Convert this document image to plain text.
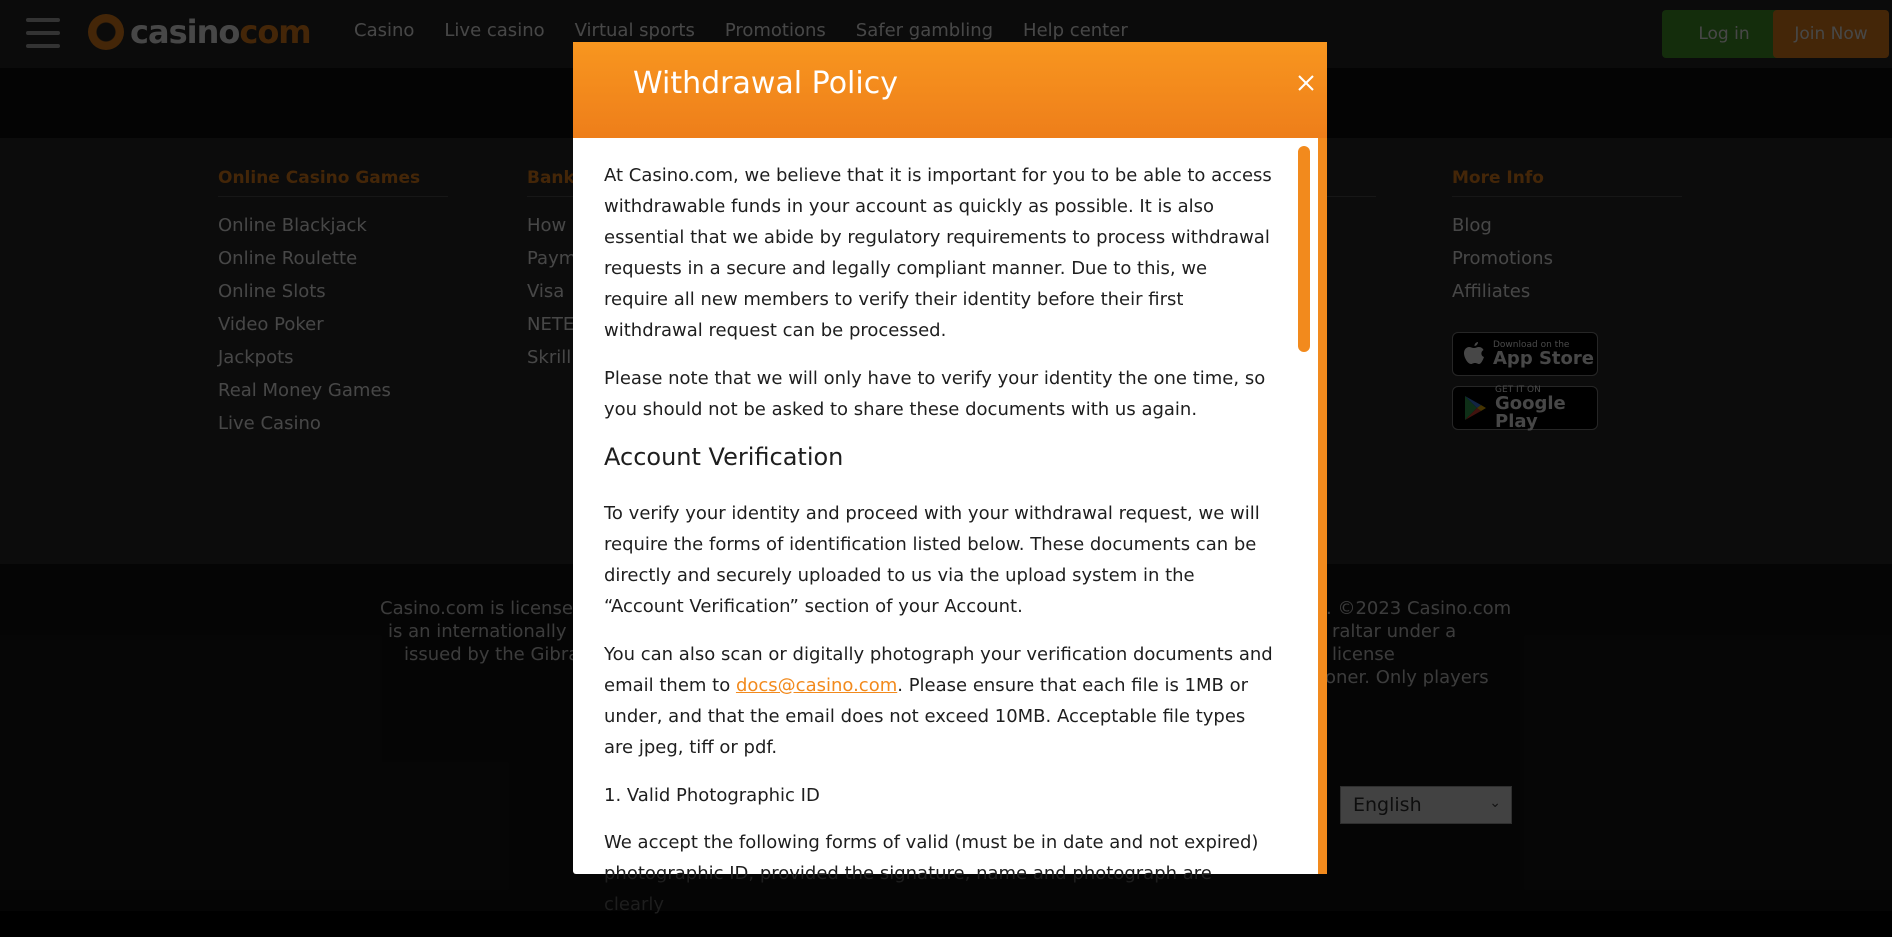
Withdrawal Policy

At Casino.com, we believe that it is important for you to be able to access withdrawable funds in your account as quickly as possible. It is also essential that we abide by regulatory requirements to process withdrawal requests in a secure and legally compliant manner. Due to this, we require all new members to verify their identity before their first withdrawal request can be processed.

Please note that we will only have to verify your identity the one time, so you should not be asked to share these documents with us again.

Account Verification

To verify your identity and proceed with your withdrawal request, we will require the forms of identification listed below. These documents can be directly and securely uploaded to us via the upload system in the “Account Verification” section of your Account.

You can also scan or digitally photograph your verification documents and email them to docs@casino.com. Please ensure that each file is 1MB or under, and that the email does not exceed 10MB. Acceptable file types are jpeg, tiff or pdf.

1. Valid Photographic ID

We accept the following forms of valid (must be in date and not expired) photographic ID, provided the signature, name and photograph are clearly
